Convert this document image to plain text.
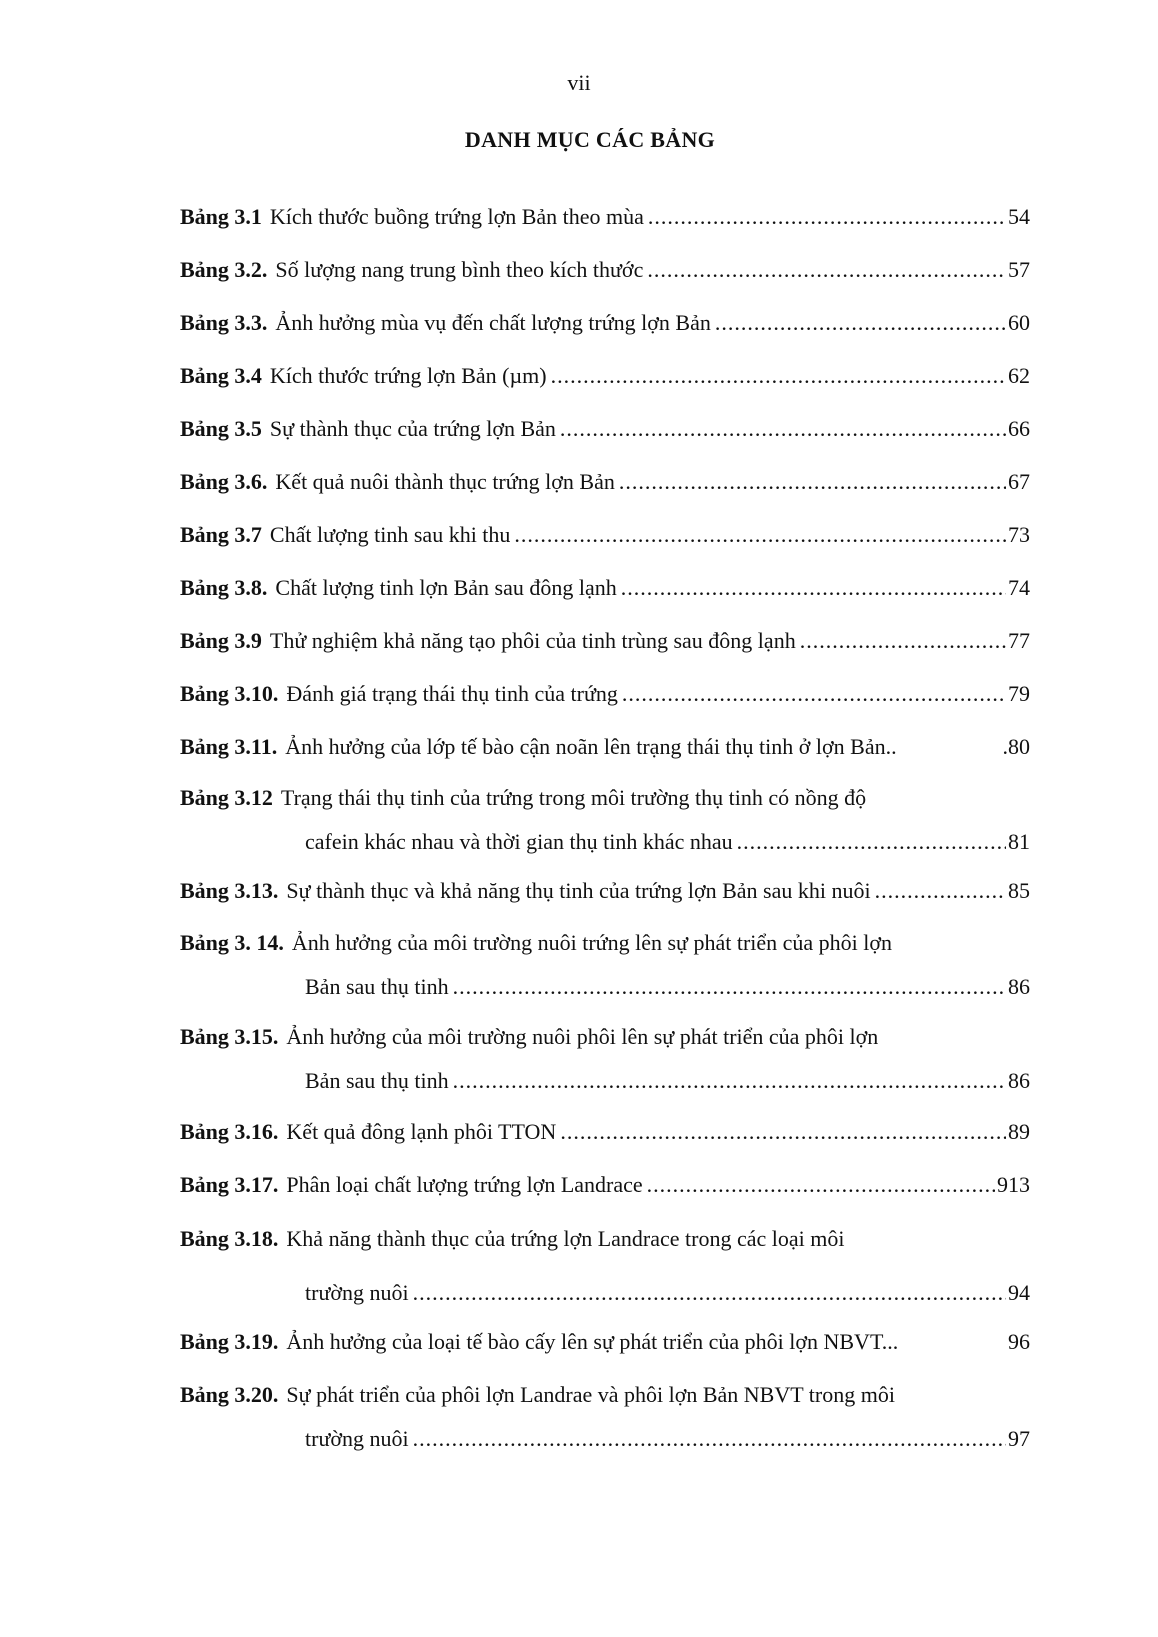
vii
DANH MỤC CÁC BẢNG
Bảng 3.1 Kích thước buồng trứng lợn Bản theo mùa .....	54
Bảng 3.2. Số lượng nang trung bình theo kích thước .....	57
Bảng 3.3. Ảnh hưởng mùa vụ đến chất lượng trứng lợn Bản .....	60
Bảng 3.4 Kích thước trứng lợn Bản (µm) .....	62
Bảng 3.5 Sự thành thục của trứng lợn Bản .....	66
Bảng 3.6. Kết quả nuôi thành thục trứng lợn Bản .....	67
Bảng 3.7 Chất lượng tinh sau khi thu .....	73
Bảng 3.8. Chất lượng tinh lợn Bản sau đông lạnh .....	74
Bảng 3.9 Thử nghiệm khả năng tạo phôi của tinh trùng sau đông lạnh .....	77
Bảng 3.10. Đánh giá trạng thái thụ tinh của trứng .....	79
Bảng 3.11. Ảnh hưởng của lớp tế bào cận noãn lên trạng thái thụ tinh ở lợn Bản..	.80
Bảng 3.12 Trạng thái thụ tinh của trứng trong môi trường thụ tinh có nồng độ
cafein khác nhau và thời gian thụ tinh khác nhau .....	81
Bảng 3.13. Sự thành thục và khả năng thụ tinh của trứng lợn Bản sau khi nuôi .....	85
Bảng 3. 14. Ảnh hưởng của môi trường nuôi trứng lên sự phát triển của phôi lợn
Bản sau thụ tinh .....	86
Bảng 3.15. Ảnh hưởng của môi trường nuôi phôi lên sự phát triển của phôi lợn
Bản sau thụ tinh .....	86
Bảng 3.16. Kết quả đông lạnh phôi TTON .....	89
Bảng 3.17. Phân loại chất lượng trứng lợn Landrace .....	913
Bảng 3.18. Khả năng thành thục của trứng lợn Landrace trong các loại môi
trường nuôi .....	94
Bảng 3.19. Ảnh hưởng của loại tế bào cấy lên sự phát triển của phôi lợn NBVT...	96
Bảng 3.20. Sự phát triển của phôi lợn Landrae và phôi lợn Bản NBVT trong môi
trường nuôi .....	97
